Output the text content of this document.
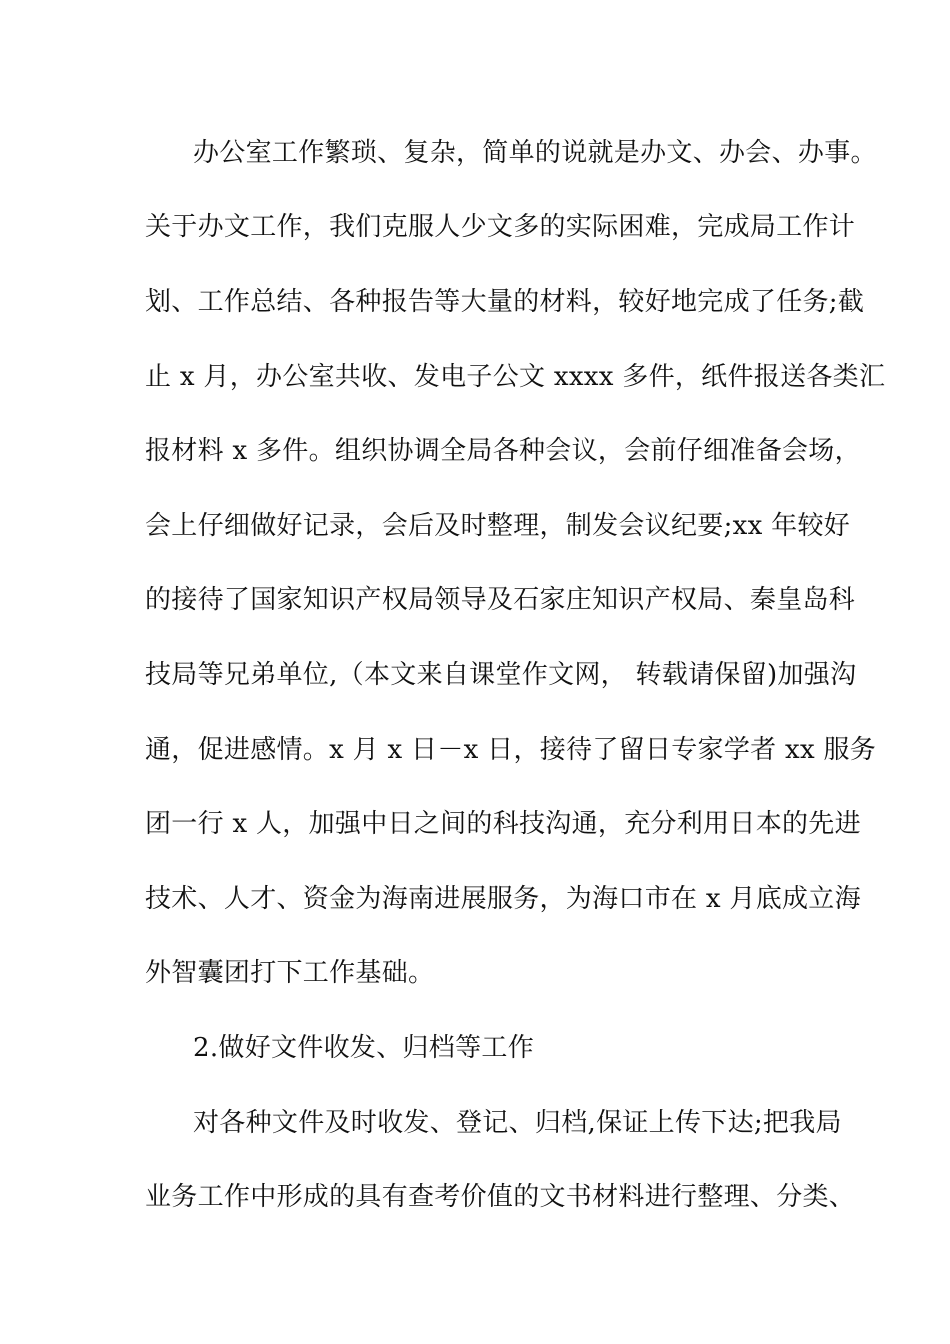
办公室工作繁琐、复杂，简单的说就是办文、办会、办事。
关于办文工作，我们克服人少文多的实际困难，完成局工作计
划、工作总结、各种报告等大量的材料，较好地完成了任务;截
止 x 月，办公室共收、发电子公文 xxxx 多件，纸件报送各类汇
报材料 x 多件。组织协调全局各种会议，会前仔细准备会场，
会上仔细做好记录，会后及时整理，制发会议纪要;xx 年较好
的接待了国家知识产权局领导及石家庄知识产权局、秦皇岛科
技局等兄弟单位,（本文来自课堂作文网， 转载请保留)加强沟
通，促进感情。x 月 x 日－x 日，接待了留日专家学者 xx 服务
团一行 x 人，加强中日之间的科技沟通，充分利用日本的先进
技术、人才、资金为海南进展服务，为海口市在 x 月底成立海
外智囊团打下工作基础。
2.做好文件收发、归档等工作
对各种文件及时收发、登记、归档,保证上传下达;把我局
业务工作中形成的具有查考价值的文书材料进行整理、分类、
